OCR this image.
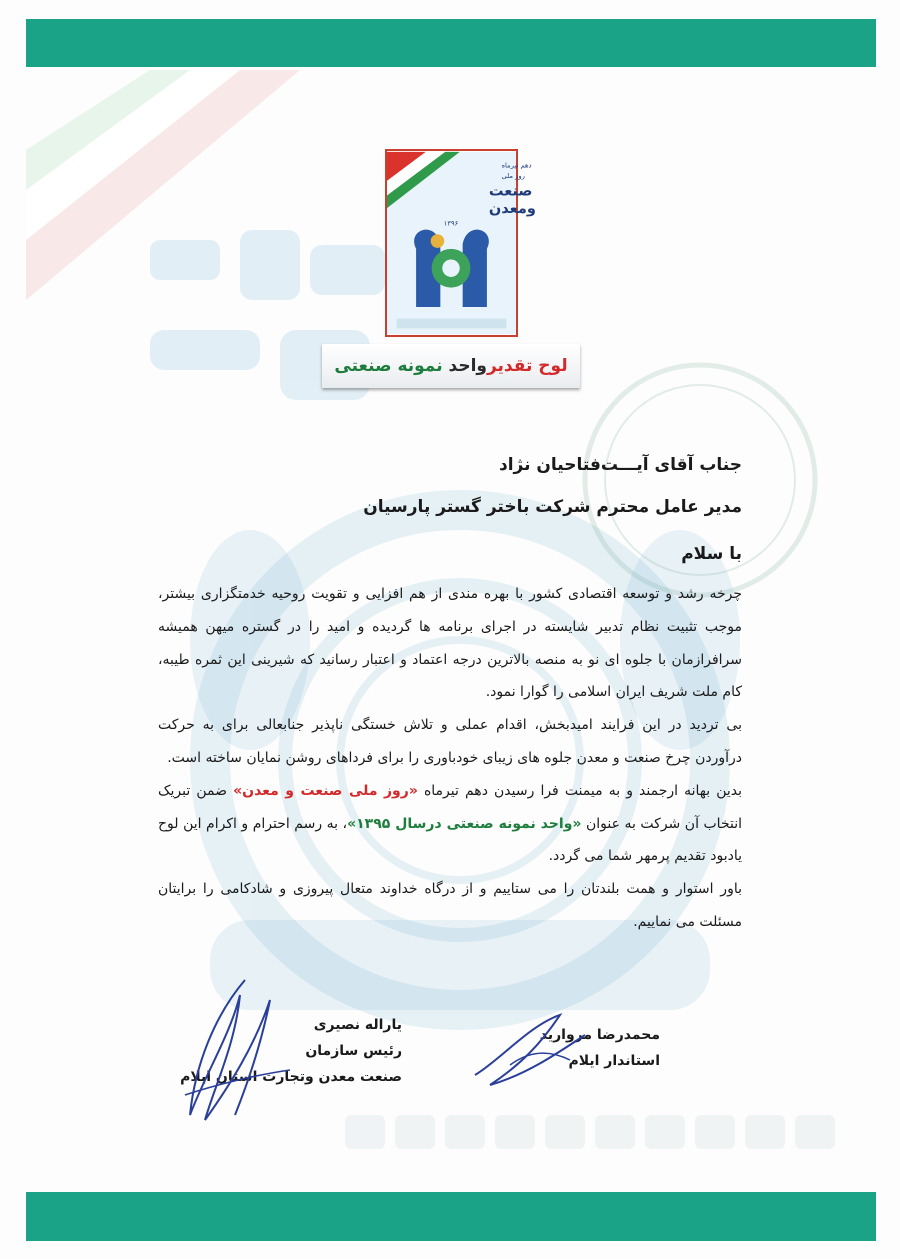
دهم تیرماه
روز ملی
صنعت
ومعدن
۱۳۹۶
لوح تقدیرواحد نمونه صنعتی
جناب آقای آیـــت‌فتاحیان نژاد
مدیر عامل محترم شرکت باختر گستر پارسیان
با سلام

چرخه رشد و توسعه اقتصادی کشور با بهره مندی از هم افزایی و تقویت روحیه خدمتگزاری بیشتر، موجب تثبیت نظام تدبیر شایسته در اجرای برنامه ها گردیده و امید را در گستره میهن همیشه سرافرازمان با جلوه ای نو به منصه بالاترین درجه اعتماد و اعتبار رسانید که شیرینی این ثمره طیبه، کام ملت شریف ایران اسلامی را گوارا نمود.

بی تردید در این فرایند امیدبخش، اقدام عملی و تلاش خستگی ناپذیر جنابعالی برای به حرکت درآوردن چرخ صنعت و معدن جلوه های زیبای خودباوری را برای فرداهای روشن نمایان ساخته است.

بدین بهانه ارجمند و به میمنت فرا رسیدن دهم تیرماه «روز ملی صنعت و معدن» ضمن تبریک انتخاب آن شرکت به عنوان «واحد نمونه صنعتی درسال ۱۳۹۵»، به رسم احترام و اکرام این لوح یادبود تقدیم پرمهر شما می گردد.

باور استوار و همت بلندتان را می ستاییم و از درگاه خداوند متعال پیروزی و شادکامی را برایتان مسئلت می نماییم.

محمدرضا مروارید
استاندار ایلام
یاراله نصیری
رئیس سازمان
صنعت معدن وتجارت استان ایلام
